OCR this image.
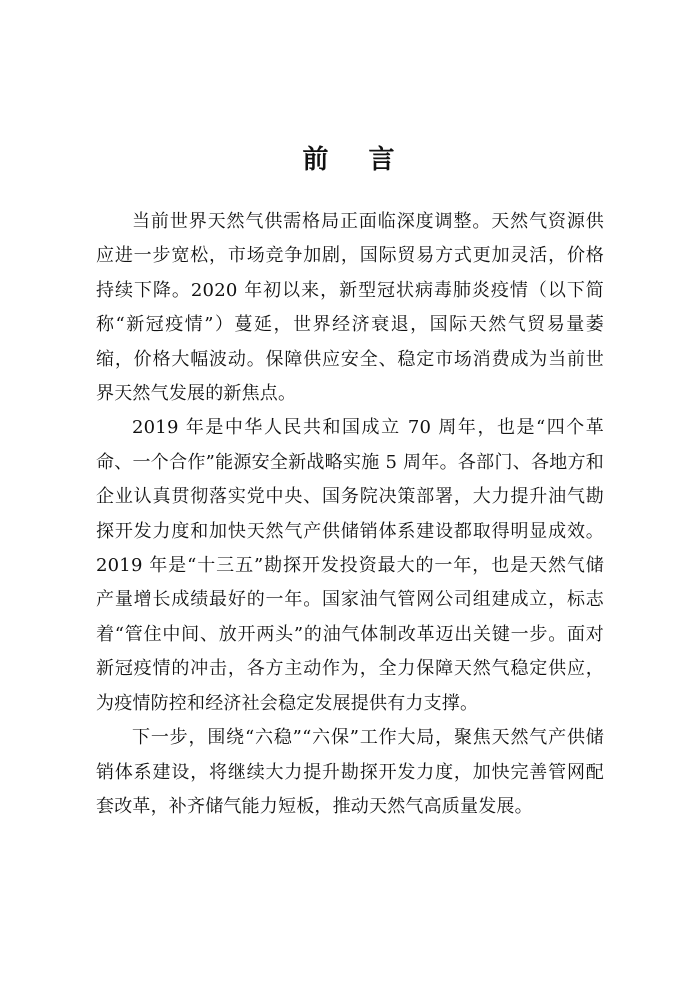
前 言

当前世界天然气供需格局正面临深度调整。天然气资源供应进一步宽松，市场竞争加剧，国际贸易方式更加灵活，价格持续下降。2020 年初以来，新型冠状病毒肺炎疫情（以下简称“新冠疫情”）蔓延，世界经济衰退，国际天然气贸易量萎缩，价格大幅波动。保障供应安全、稳定市场消费成为当前世界天然气发展的新焦点。

2019 年是中华人民共和国成立 70 周年，也是“四个革命、一个合作”能源安全新战略实施 5 周年。各部门、各地方和企业认真贯彻落实党中央、国务院决策部署，大力提升油气勘探开发力度和加快天然气产供储销体系建设都取得明显成效。2019 年是“十三五”勘探开发投资最大的一年，也是天然气储产量增长成绩最好的一年。国家油气管网公司组建成立，标志着“管住中间、放开两头”的油气体制改革迈出关键一步。面对新冠疫情的冲击，各方主动作为，全力保障天然气稳定供应，为疫情防控和经济社会稳定发展提供有力支撑。

下一步，围绕“六稳”“六保”工作大局，聚焦天然气产供储销体系建设，将继续大力提升勘探开发力度，加快完善管网配套改革，补齐储气能力短板，推动天然气高质量发展。
